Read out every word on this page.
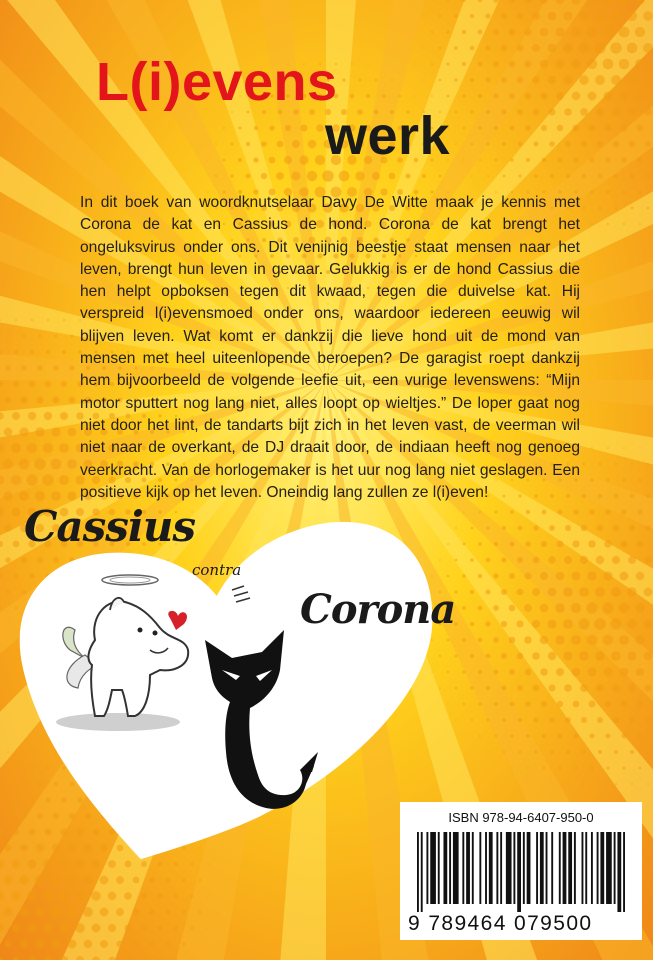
L(i)evens
werk

In dit boek van woordknutselaar Davy De Witte maak je kennis met Corona de kat en Cassius de hond. Corona de kat brengt het ongeluksvirus onder ons. Dit venijnig beestje staat mensen naar het leven, brengt hun leven in gevaar. Gelukkig is er de hond Cassius die hen helpt opboksen tegen dit kwaad, tegen die duivelse kat. Hij verspreid l(i)evensmoed onder ons, waardoor iedereen eeuwig wil blijven leven. Wat komt er dankzij die lieve hond uit de mond van mensen met heel uiteenlopende beroepen? De garagist roept dankzij hem bijvoorbeeld de volgende leefie uit, een vurige levenswens: “Mijn motor sputtert nog lang niet, alles loopt op wieltjes.” De loper gaat nog niet door het lint, de tandarts bijt zich in het leven vast, de veerman wil niet naar de overkant, de DJ draait door, de indiaan heeft nog genoeg veerkracht. Van de horlogemaker is het uur nog lang niet geslagen. Een positieve kijk op het leven. Oneindig lang zullen ze l(i)even!

Cassius

contra

Corona

ISBN 978-94-6407-950-0

9 789464 079500
